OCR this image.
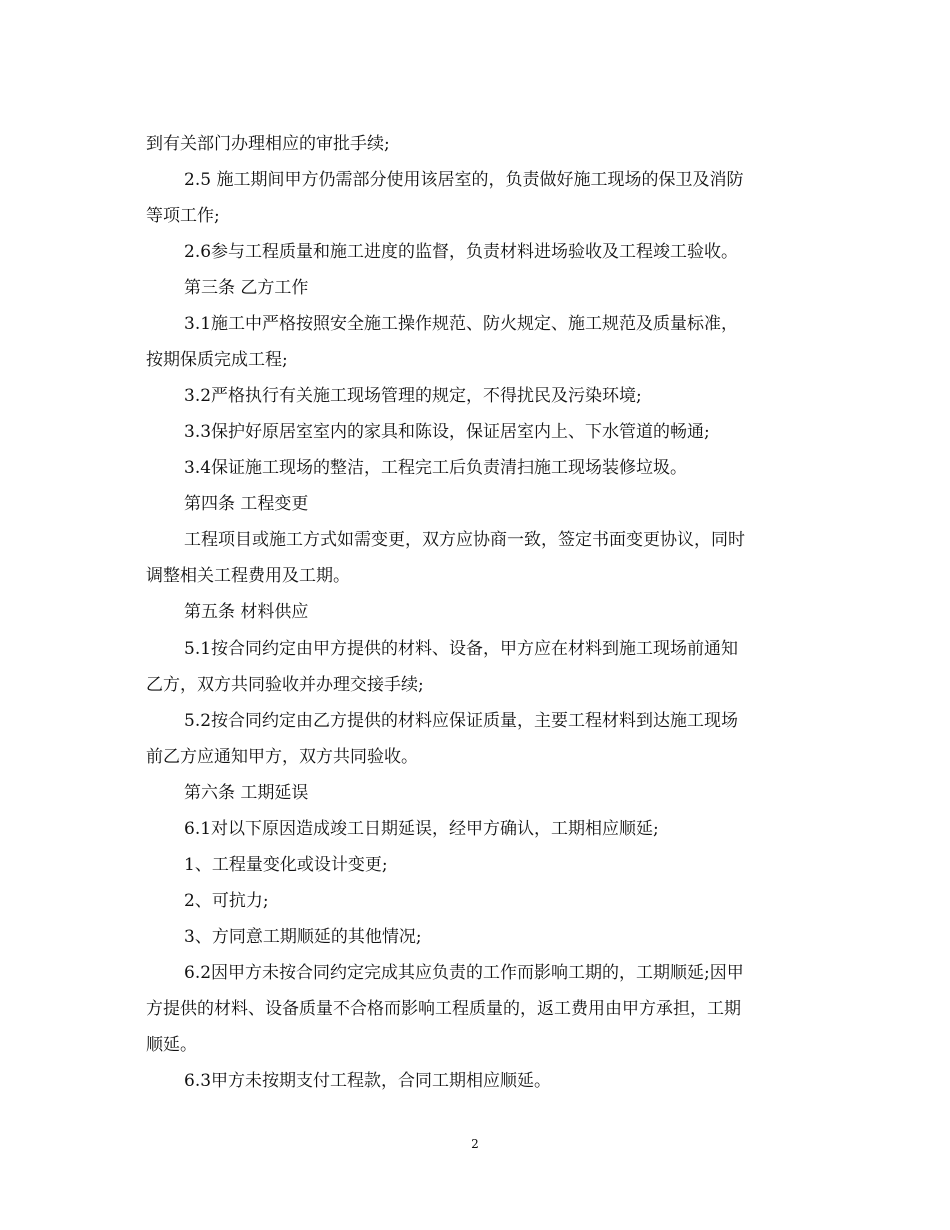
到有关部门办理相应的审批手续;
2.5 施工期间甲方仍需部分使用该居室的，负责做好施工现场的保卫及消防
等项工作;
2.6参与工程质量和施工进度的监督，负责材料进场验收及工程竣工验收。
第三条 乙方工作
3.1施工中严格按照安全施工操作规范、防火规定、施工规范及质量标准，
按期保质完成工程;
3.2严格执行有关施工现场管理的规定，不得扰民及污染环境;
3.3保护好原居室室内的家具和陈设，保证居室内上、下水管道的畅通;
3.4保证施工现场的整洁，工程完工后负责清扫施工现场装修垃圾。
第四条 工程变更
工程项目或施工方式如需变更，双方应协商一致，签定书面变更协议，同时
调整相关工程费用及工期。
第五条 材料供应
5.1按合同约定由甲方提供的材料、设备，甲方应在材料到施工现场前通知
乙方，双方共同验收并办理交接手续;
5.2按合同约定由乙方提供的材料应保证质量，主要工程材料到达施工现场
前乙方应通知甲方，双方共同验收。
第六条 工期延误
6.1对以下原因造成竣工日期延误，经甲方确认，工期相应顺延;
1、工程量变化或设计变更;
2、可抗力;
3、方同意工期顺延的其他情况;
6.2因甲方未按合同约定完成其应负责的工作而影响工期的，工期顺延;因甲
方提供的材料、设备质量不合格而影响工程质量的，返工费用由甲方承担，工期
顺延。
6.3甲方未按期支付工程款，合同工期相应顺延。
2
